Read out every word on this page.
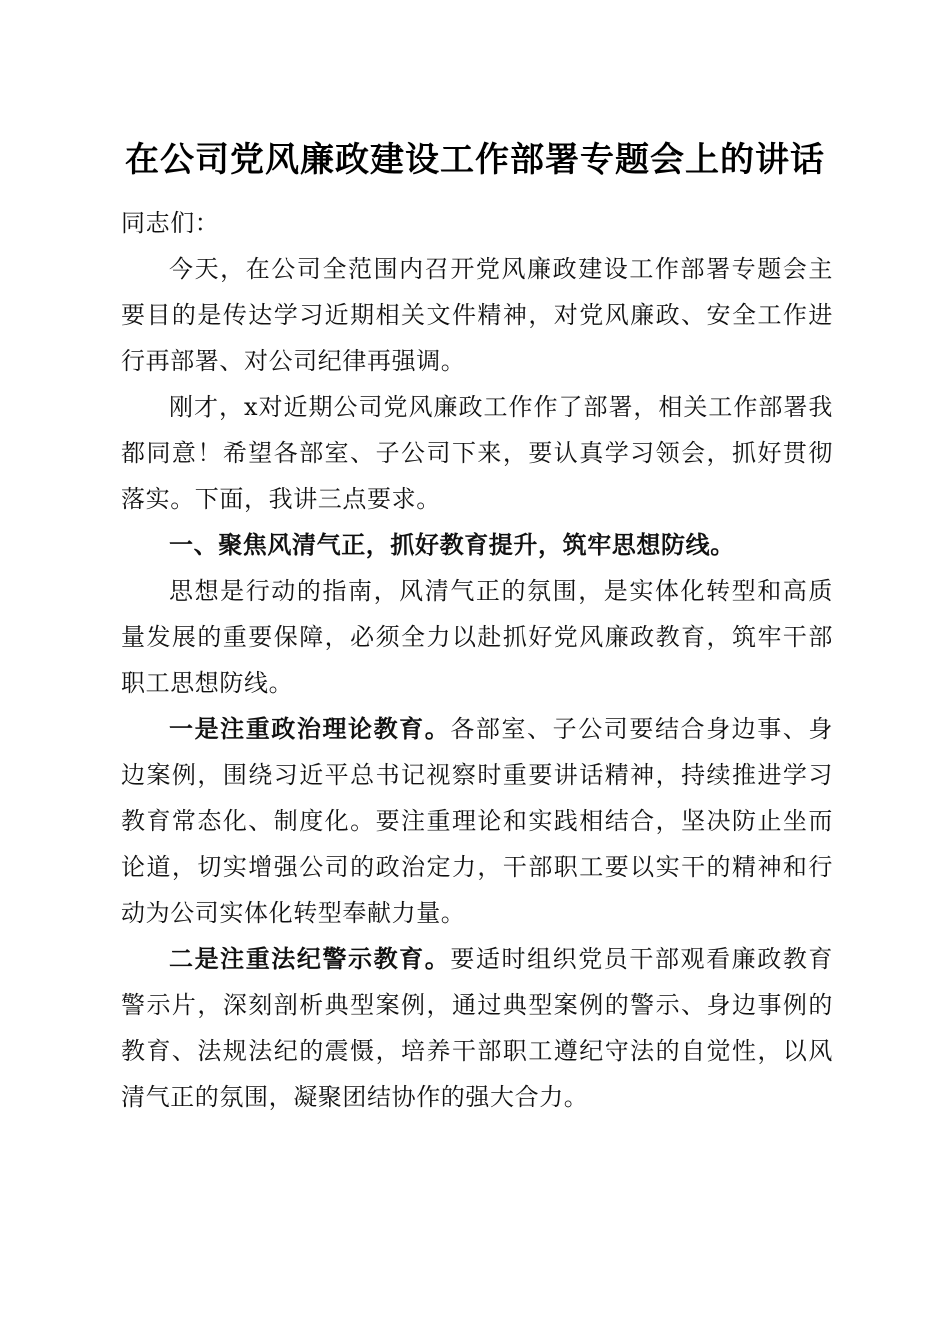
在公司党风廉政建设工作部署专题会上的讲话

同志们：

今天，在公司全范围内召开党风廉政建设工作部署专题会主要目的是传达学习近期相关文件精神，对党风廉政、安全工作进行再部署、对公司纪律再强调。

刚才，x对近期公司党风廉政工作作了部署，相关工作部署我都同意！希望各部室、子公司下来，要认真学习领会，抓好贯彻落实。下面，我讲三点要求。

一、聚焦风清气正，抓好教育提升，筑牢思想防线。

思想是行动的指南，风清气正的氛围，是实体化转型和高质量发展的重要保障，必须全力以赴抓好党风廉政教育，筑牢干部职工思想防线。

一是注重政治理论教育。各部室、子公司要结合身边事、身边案例，围绕习近平总书记视察时重要讲话精神，持续推进学习教育常态化、制度化。要注重理论和实践相结合，坚决防止坐而论道，切实增强公司的政治定力，干部职工要以实干的精神和行动为公司实体化转型奉献力量。

二是注重法纪警示教育。要适时组织党员干部观看廉政教育警示片，深刻剖析典型案例，通过典型案例的警示、身边事例的教育、法规法纪的震慑，培养干部职工遵纪守法的自觉性，以风清气正的氛围，凝聚团结协作的强大合力。
